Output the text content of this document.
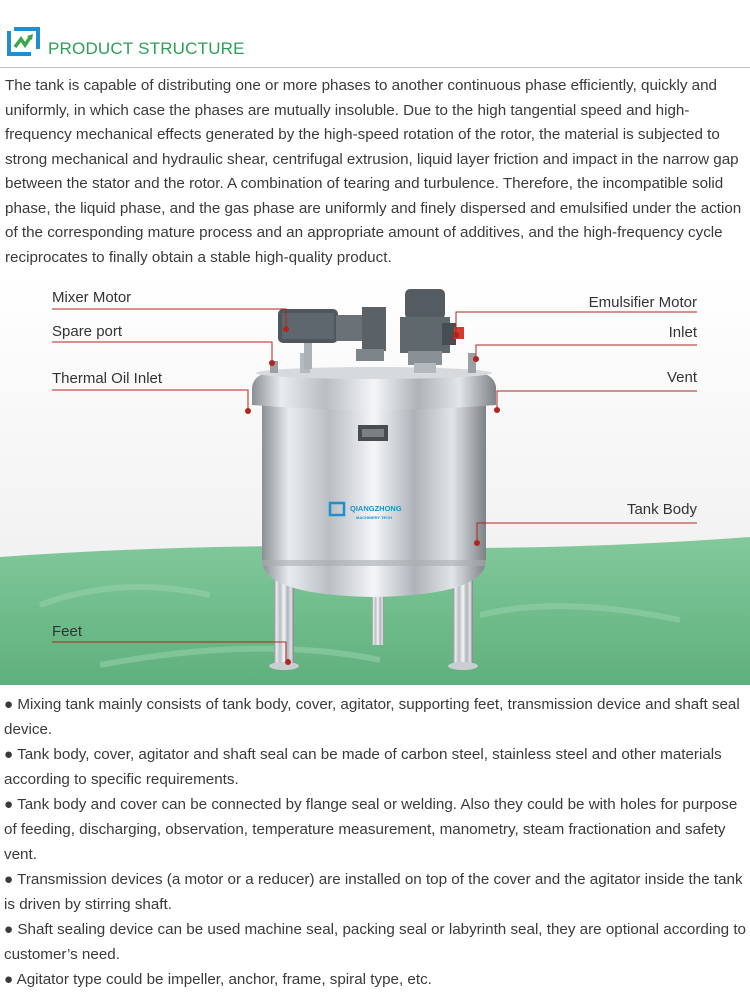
PRODUCT STRUCTURE

The tank is capable of distributing one or more phases to another continuous phase efficiently, quickly and uniformly, in which case the phases are mutually insoluble. Due to the high tangential speed and high-frequency mechanical effects generated by the high-speed rotation of the rotor, the material is subjected to strong mechanical and hydraulic shear, centrifugal extrusion, liquid layer friction and impact in the narrow gap between the stator and the rotor. A combination of tearing and turbulence. Therefore, the incompatible solid phase, the liquid phase, and the gas phase are uniformly and finely dispersed and emulsified under the action of the corresponding mature process and an appropriate amount of additives, and the high-frequency cycle reciprocates to finally obtain a stable high-quality product.

QIANGZHONG
MACHINERY TECH
Mixer Motor
Spare port
Thermal Oil Inlet
Feet
Emulsifier Motor
Inlet
Vent
Tank Body

● Mixing tank mainly consists of tank body, cover, agitator, supporting feet, transmission device and shaft seal device.

● Tank body, cover, agitator and shaft seal can be made of carbon steel, stainless steel and other materials according to specific requirements.

● Tank body and cover can be connected by flange seal or welding. Also they could be with holes for purpose of feeding, discharging, observation, temperature measurement, manometry, steam fractionation and safety vent.

● Transmission devices (a motor or a reducer) are installed on top of the cover and the agitator inside the tank is driven by stirring shaft.

● Shaft sealing device can be used machine seal, packing seal or labyrinth seal, they are optional according to customer’s need.

● Agitator type could be impeller, anchor, frame, spiral type, etc.
